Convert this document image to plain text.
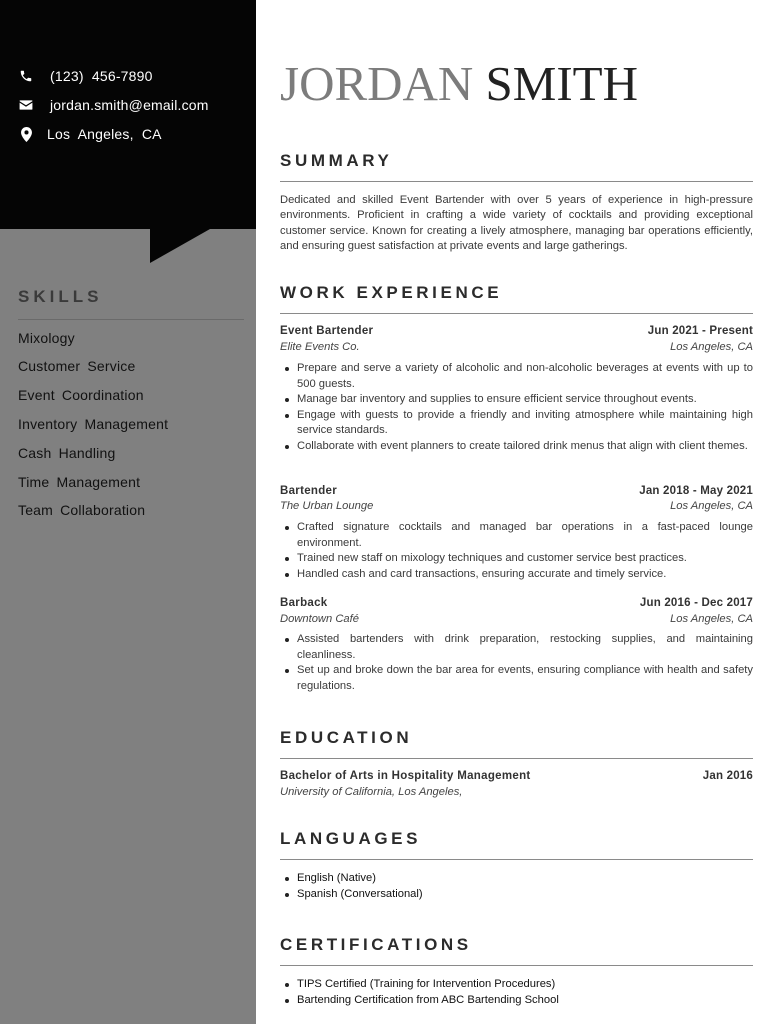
(123)  456-7890
jordan.smith@email.com
Los  Angeles,  CA
SKILLS
Mixology
Customer Service
Event Coordination
Inventory Management
Cash Handling
Time Management
Team Collaboration
JORDAN SMITH
SUMMARY
Dedicated and skilled Event Bartender with over 5 years of experience in high-pressure environments. Proficient in crafting a wide variety of cocktails and providing exceptional customer service. Known for creating a lively atmosphere, managing bar operations efficiently, and ensuring guest satisfaction at private events and large gatherings.
WORK EXPERIENCE
Event Bartender	Jun 2021 - Present
Elite Events Co.	Los Angeles, CA
Prepare and serve a variety of alcoholic and non-alcoholic beverages at events with up to 500 guests.
Manage bar inventory and supplies to ensure efficient service throughout events.
Engage with guests to provide a friendly and inviting atmosphere while maintaining high service standards.
Collaborate with event planners to create tailored drink menus that align with client themes.
Bartender	Jan 2018 - May 2021
The Urban Lounge	Los Angeles, CA
Crafted signature cocktails and managed bar operations in a fast-paced lounge environment.
Trained new staff on mixology techniques and customer service best practices.
Handled cash and card transactions, ensuring accurate and timely service.
Barback	Jun 2016 - Dec 2017
Downtown Café	Los Angeles, CA
Assisted bartenders with drink preparation, restocking supplies, and maintaining cleanliness.
Set up and broke down the bar area for events, ensuring compliance with health and safety regulations.
EDUCATION
Bachelor of Arts in Hospitality Management	Jan 2016
University of California, Los Angeles,
LANGUAGES
English (Native)
Spanish (Conversational)
CERTIFICATIONS
TIPS Certified (Training for Intervention Procedures)
Bartending Certification from ABC Bartending School
